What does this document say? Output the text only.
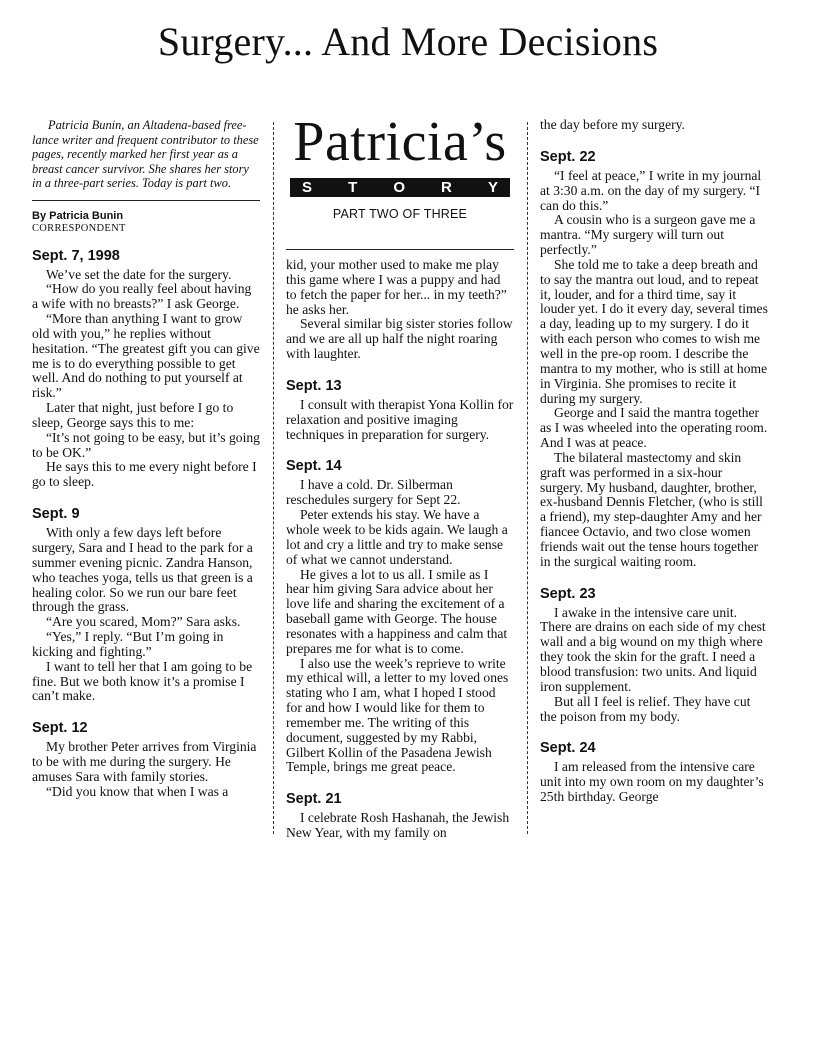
Surgery... And More Decisions
Patricia Bunin, an Altadena-based free-lance writer and frequent contributor to these pages, recently marked her first year as a breast cancer survivor. She shares her story in a three-part series. Today is part two.
By Patricia Bunin
CORRESPONDENT
Sept. 7, 1998

We’ve set the date for the surgery.

“How do you really feel about having a wife with no breasts?” I ask George.

“More than anything I want to grow old with you,” he replies without hesitation. “The greatest gift you can give me is to do everything possible to get well. And do nothing to put yourself at risk.”

Later that night, just before I go to sleep, George says this to me:

“It’s not going to be easy, but it’s going to be OK.”

He says this to me every night before I go to sleep.

Sept. 9

With only a few days left before surgery, Sara and I head to the park for a summer evening picnic. Zandra Hanson, who teaches yoga, tells us that green is a healing color. So we run our bare feet through the grass.

“Are you scared, Mom?” Sara asks.

“Yes,” I reply. “But I’m going in kicking and fighting.”

I want to tell her that I am going to be fine. But we both know it’s a promise I can’t make.

Sept. 12

My brother Peter arrives from Virginia to be with me during the surgery. He amuses Sara with family stories.

“Did you know that when I was a

Patricia’s
S T O R Y
PART TWO OF THREE

kid, your mother used to make me play this game where I was a puppy and had to fetch the paper for her... in my teeth?” he asks her.

Several similar big sister stories follow and we are all up half the night roaring with laughter.

Sept. 13

I consult with therapist Yona Kollin for relaxation and positive imaging techniques in preparation for surgery.

Sept. 14

I have a cold. Dr. Silberman reschedules surgery for Sept 22.

Peter extends his stay. We have a whole week to be kids again. We laugh a lot and cry a little and try to make sense of what we cannot understand.

He gives a lot to us all. I smile as I hear him giving Sara advice about her love life and sharing the excitement of a baseball game with George. The house resonates with a happiness and calm that prepares me for what is to come.

I also use the week’s reprieve to write my ethical will, a letter to my loved ones stating who I am, what I hoped I stood for and how I would like for them to remember me. The writing of this document, suggested by my Rabbi, Gilbert Kollin of the Pasadena Jewish Temple, brings me great peace.

Sept. 21

I celebrate Rosh Hashanah, the Jewish New Year, with my family on

the day before my surgery.

Sept. 22

“I feel at peace,” I write in my journal at 3:30 a.m. on the day of my surgery. “I can do this.”

A cousin who is a surgeon gave me a mantra. “My surgery will turn out perfectly.”

She told me to take a deep breath and to say the mantra out loud, and to repeat it, louder, and for a third time, say it louder yet. I do it every day, several times a day, leading up to my surgery. I do it with each person who comes to wish me well in the pre-op room. I describe the mantra to my mother, who is still at home in Virginia. She promises to recite it during my surgery.

George and I said the mantra together as I was wheeled into the operating room. And I was at peace.

The bilateral mastectomy and skin graft was performed in a six-hour surgery. My husband, daughter, brother, ex-husband Dennis Fletcher, (who is still a friend), my step-daughter Amy and her fiancee Octavio, and two close women friends wait out the tense hours together in the surgical waiting room.

Sept. 23

I awake in the intensive care unit. There are drains on each side of my chest wall and a big wound on my thigh where they took the skin for the graft. I need a blood transfusion: two units. And liquid iron supplement.

But all I feel is relief. They have cut the poison from my body.

Sept. 24

I am released from the intensive care unit into my own room on my daughter’s 25th birthday. George
